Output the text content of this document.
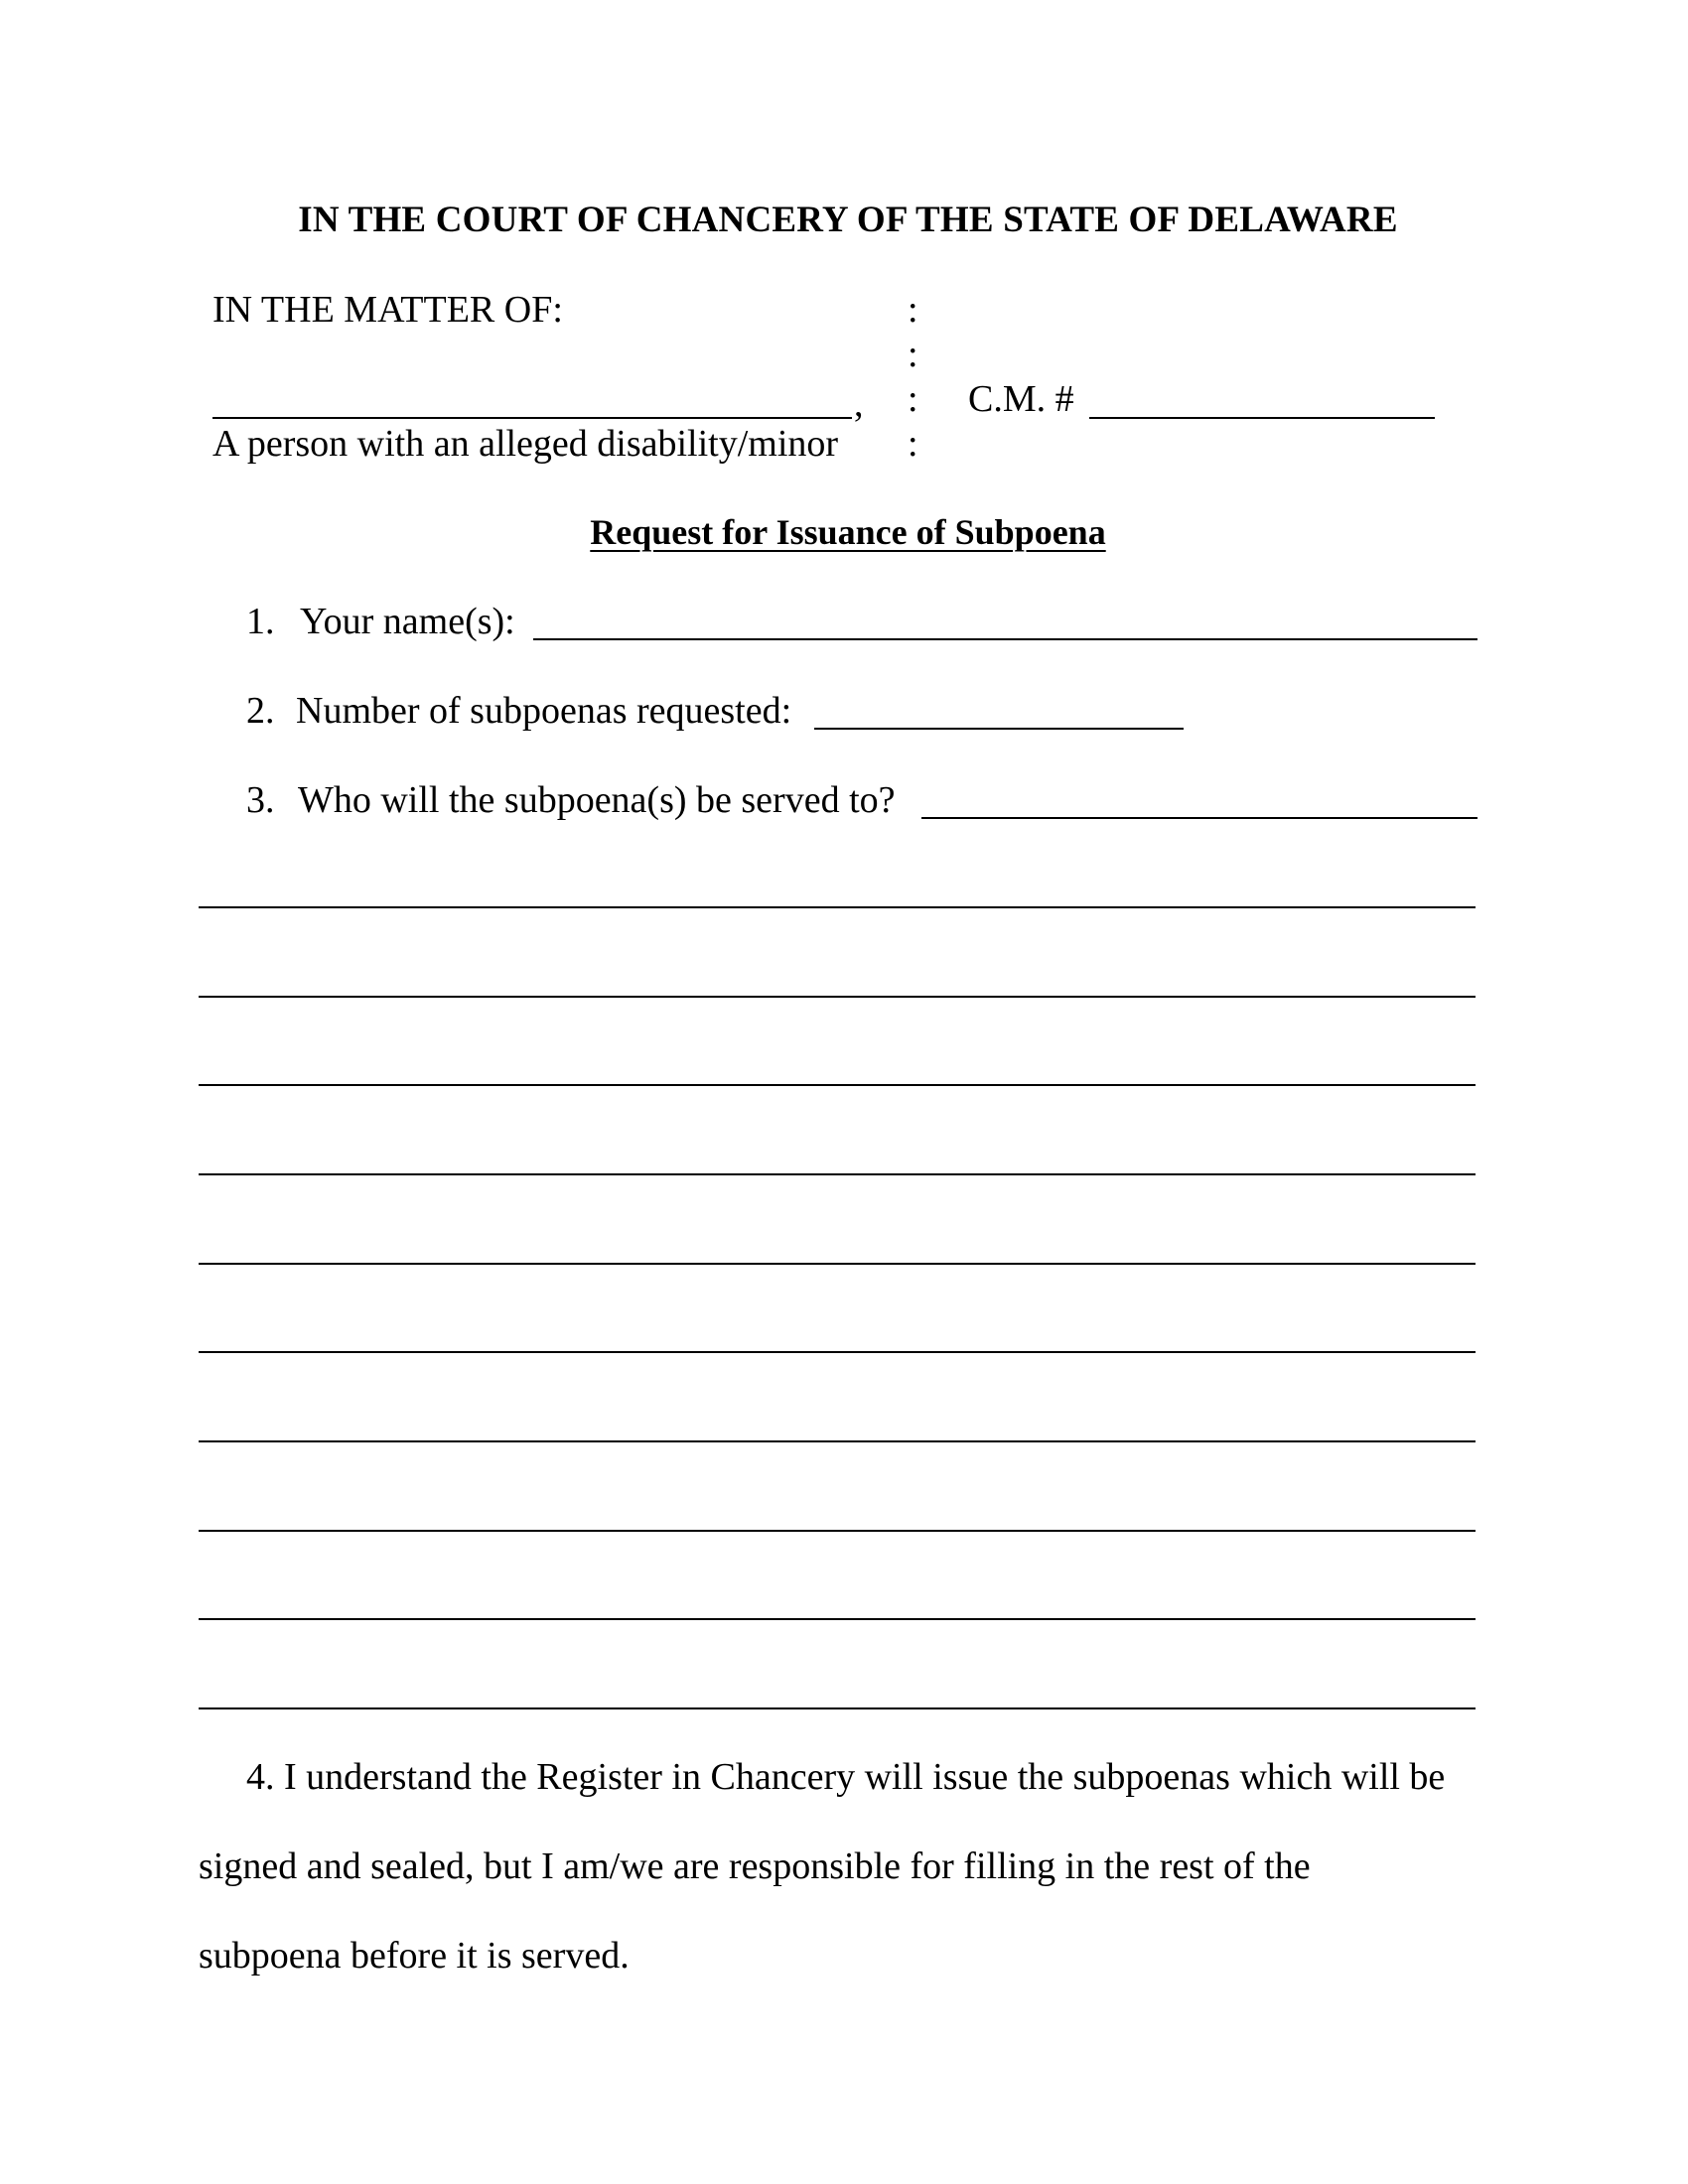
IN THE COURT OF CHANCERY OF THE STATE OF DELAWARE
IN THE MATTER OF:	:
:
:
:
,
A person with an alleged disability/minor
C.M. #
Request for Issuance of Subpoena
1. Your name(s):
2. Number of subpoenas requested:
3. Who will the subpoena(s) be served to?
4. I understand the Register in Chancery will issue the subpoenas which will be
signed and sealed, but I am/we are responsible for filling in the rest of the
subpoena before it is served.
